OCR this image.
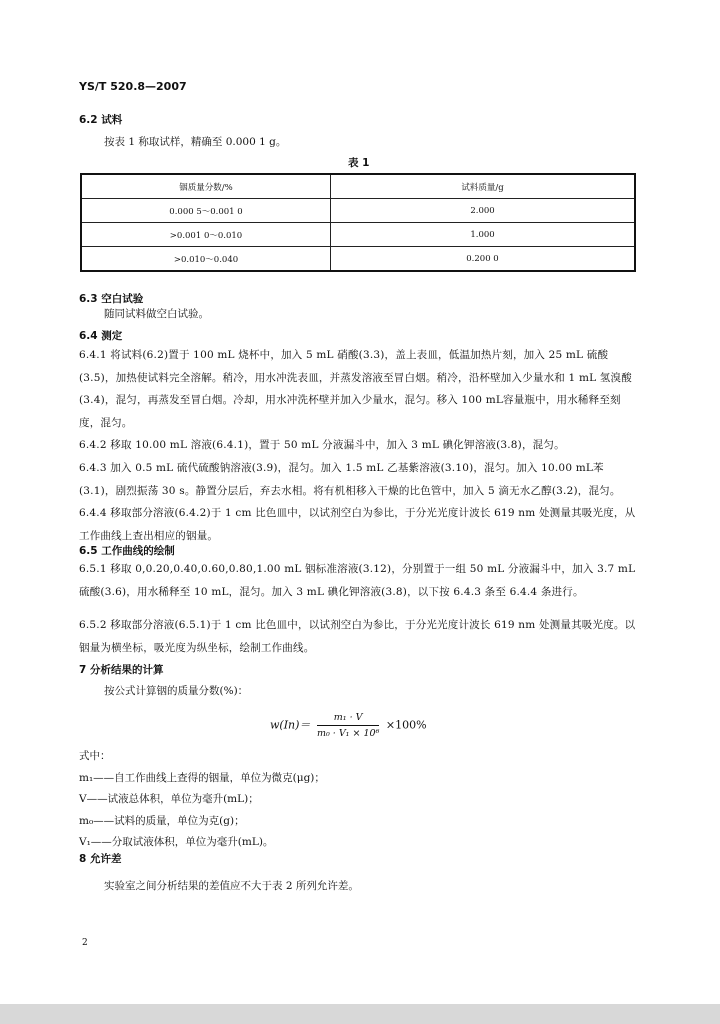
YS/T 520.8—2007
6.2 试料
按表 1 称取试样，精确至 0.000 1 g。
表 1
铟质量分数/%	试料质量/g
0.000 5～0.001 0	2.000
>0.001 0～0.010	1.000
>0.010～0.040	0.200 0
6.3 空白试验
随同试料做空白试验。
6.4 测定
6.4.1 将试料(6.2)置于 100 mL 烧杯中，加入 5 mL 硝酸(3.3)，盖上表皿，低温加热片刻，加入 25 mL 硫酸(3.5)，加热使试料完全溶解。稍冷，用水冲洗表皿，并蒸发溶液至冒白烟。稍冷，沿杯壁加入少量水和 1 mL 氢溴酸(3.4)，混匀，再蒸发至冒白烟。冷却，用水冲洗杯壁并加入少量水，混匀。移入 100 mL容量瓶中，用水稀释至刻度，混匀。
6.4.2 移取 10.00 mL 溶液(6.4.1)，置于 50 mL 分液漏斗中，加入 3 mL 碘化钾溶液(3.8)，混匀。
6.4.3 加入 0.5 mL 硫代硫酸钠溶液(3.9)，混匀。加入 1.5 mL 乙基紫溶液(3.10)，混匀。加入 10.00 mL苯(3.1)，剧烈振荡 30 s。静置分层后，弃去水相。将有机相移入干燥的比色管中，加入 5 滴无水乙醇(3.2)，混匀。
6.4.4 移取部分溶液(6.4.2)于 1 cm 比色皿中，以试剂空白为参比，于分光光度计波长 619 nm 处测量其吸光度，从工作曲线上查出相应的铟量。
6.5 工作曲线的绘制
6.5.1 移取 0,0.20,0.40,0.60,0.80,1.00 mL 铟标准溶液(3.12)，分别置于一组 50 mL 分液漏斗中，加入 3.7 mL 硫酸(3.6)，用水稀释至 10 mL，混匀。加入 3 mL 碘化钾溶液(3.8)，以下按 6.4.3 条至 6.4.4 条进行。
6.5.2 移取部分溶液(6.5.1)于 1 cm 比色皿中，以试剂空白为参比，于分光光度计波长 619 nm 处测量其吸光度。以铟量为横坐标，吸光度为纵坐标，绘制工作曲线。
7 分析结果的计算
按公式计算铟的质量分数(%)：
$w(In)= \frac{\text{m₁ · V}}{\text{m₀ · V₁ × 10⁶}} \times 100\%$
式中：
m₁——自工作曲线上查得的铟量，单位为微克(μg)；
V——试液总体积，单位为毫升(mL)；
m₀——试料的质量，单位为克(g)；
V₁——分取试液体积，单位为毫升(mL)。
8 允许差
实验室之间分析结果的差值应不大于表 2 所列允许差。
2
